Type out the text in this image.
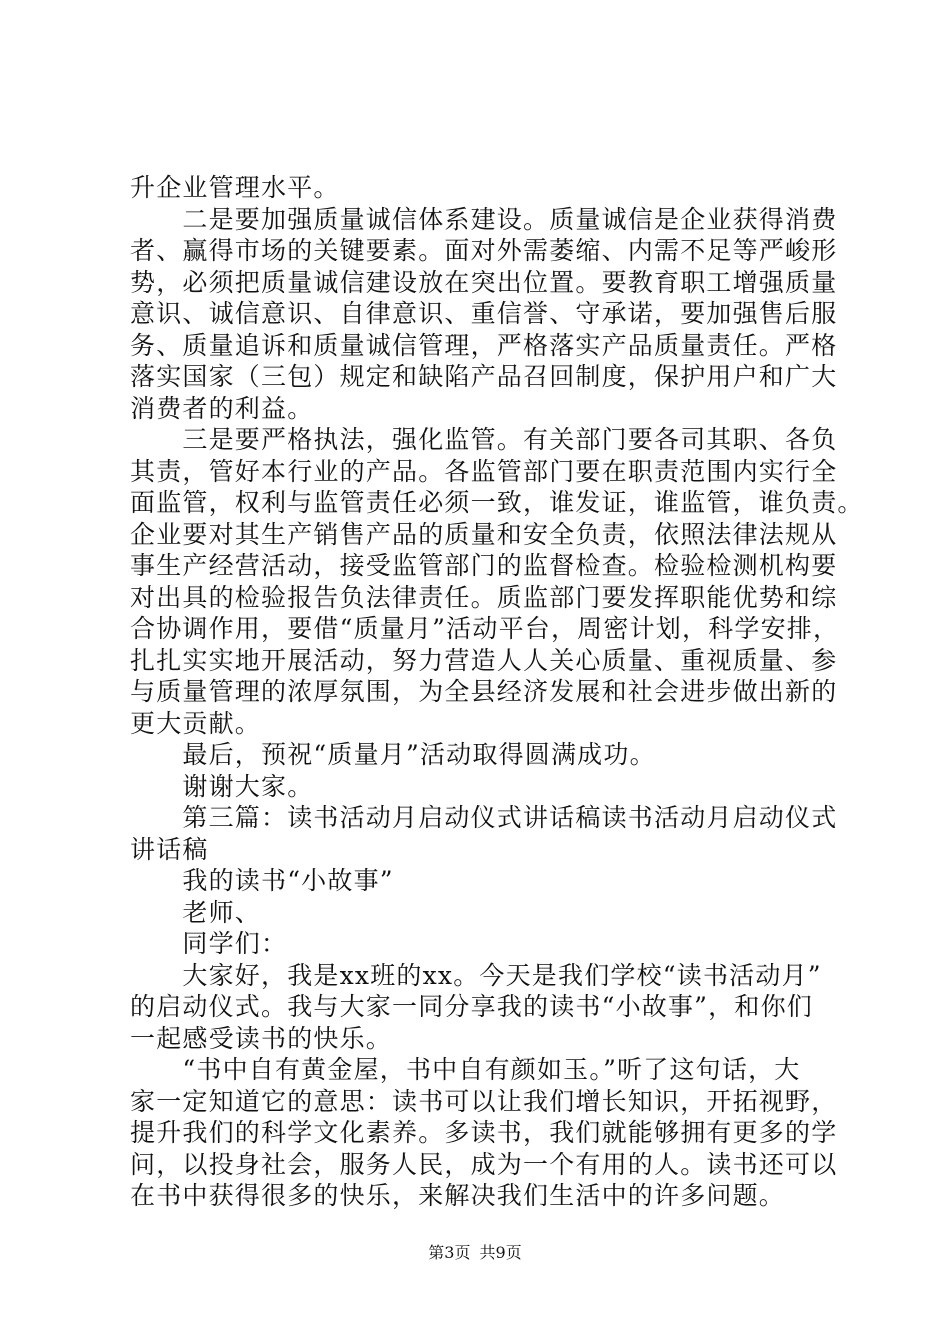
升企业管理水平。
　　二是要加强质量诚信体系建设。质量诚信是企业获得消费
者、赢得市场的关键要素。面对外需萎缩、内需不足等严峻形
势，必须把质量诚信建设放在突出位置。要教育职工增强质量
意识、诚信意识、自律意识、重信誉、守承诺，要加强售后服
务、质量追诉和质量诚信管理，严格落实产品质量责任。严格
落实国家（三包）规定和缺陷产品召回制度，保护用户和广大
消费者的利益。
　　三是要严格执法，强化监管。有关部门要各司其职、各负
其责，管好本行业的产品。各监管部门要在职责范围内实行全
面监管，权利与监管责任必须一致，谁发证，谁监管，谁负责。
企业要对其生产销售产品的质量和安全负责，依照法律法规从
事生产经营活动，接受监管部门的监督检查。检验检测机构要
对出具的检验报告负法律责任。质监部门要发挥职能优势和综
合协调作用，要借“质量月”活动平台，周密计划，科学安排，
扎扎实实地开展活动，努力营造人人关心质量、重视质量、参
与质量管理的浓厚氛围，为全县经济发展和社会进步做出新的
更大贡献。
　　最后，预祝“质量月”活动取得圆满成功。
　　谢谢大家。
　　第三篇：读书活动月启动仪式讲话稿读书活动月启动仪式
讲话稿
　　我的读书“小故事”
　　老师、
　　同学们：
　　大家好，我是xx班的xx。今天是我们学校“读书活动月”
的启动仪式。我与大家一同分享我的读书“小故事”，和你们
一起感受读书的快乐。
　　“书中自有黄金屋，书中自有颜如玉。”听了这句话，大
家一定知道它的意思：读书可以让我们增长知识，开拓视野，
提升我们的科学文化素养。多读书，我们就能够拥有更多的学
问，以投身社会，服务人民，成为一个有用的人。读书还可以
在书中获得很多的快乐，来解决我们生活中的许多问题。
第3页 共9页
